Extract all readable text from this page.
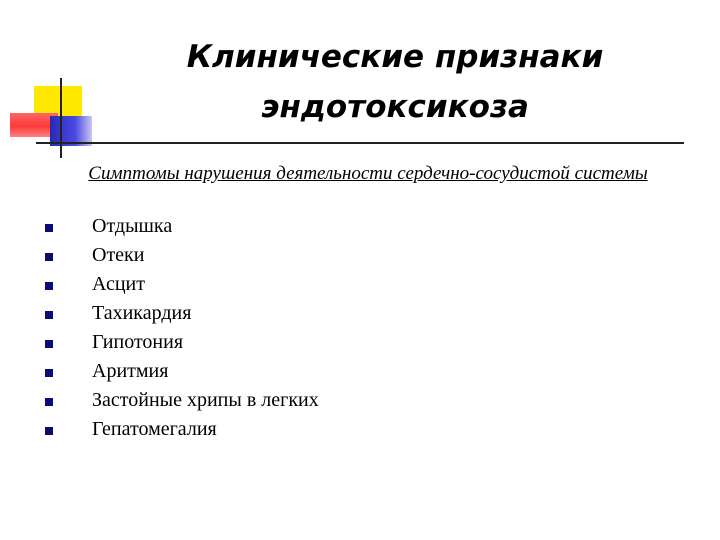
Клинические признаки
эндотоксикоза

Симптомы нарушения деятельности сердечно-сосудистой системы

Отдышка
Отеки
Асцит
Тахикардия
Гипотония
Аритмия
Застойные хрипы в легких
Гепатомегалия
